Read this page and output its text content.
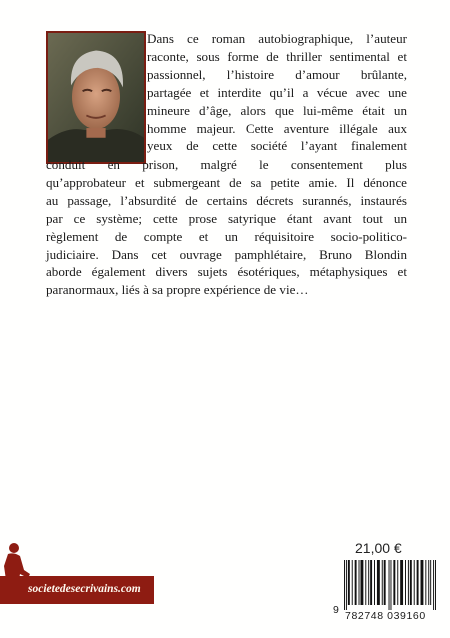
Dans ce roman autobiographique, l’auteur
raconte, sous forme de thriller sentimental et
passionnel, l’histoire d’amour brûlante,
partagée et interdite qu’il a vécue avec une
mineure d’âge, alors que lui-même était un
homme majeur. Cette aventure illégale aux
yeux de cette société l’ayant finalement
conduit en prison, malgré le consentement plus
qu’approbateur et submergeant de sa petite amie. Il dénonce
au passage, l’absurdité de certains décrets surannés, instaurés
par ce système; cette prose satyrique étant avant tout un
règlement de compte et un réquisitoire socio-politico-
judiciaire. Dans cet ouvrage pamphlétaire, Bruno Blondin
aborde également divers sujets ésotériques, métaphysiques et
paranormaux, liés à sa propre expérience de vie…
21,00 €
9 782748 039160
societedesecrivains.com
